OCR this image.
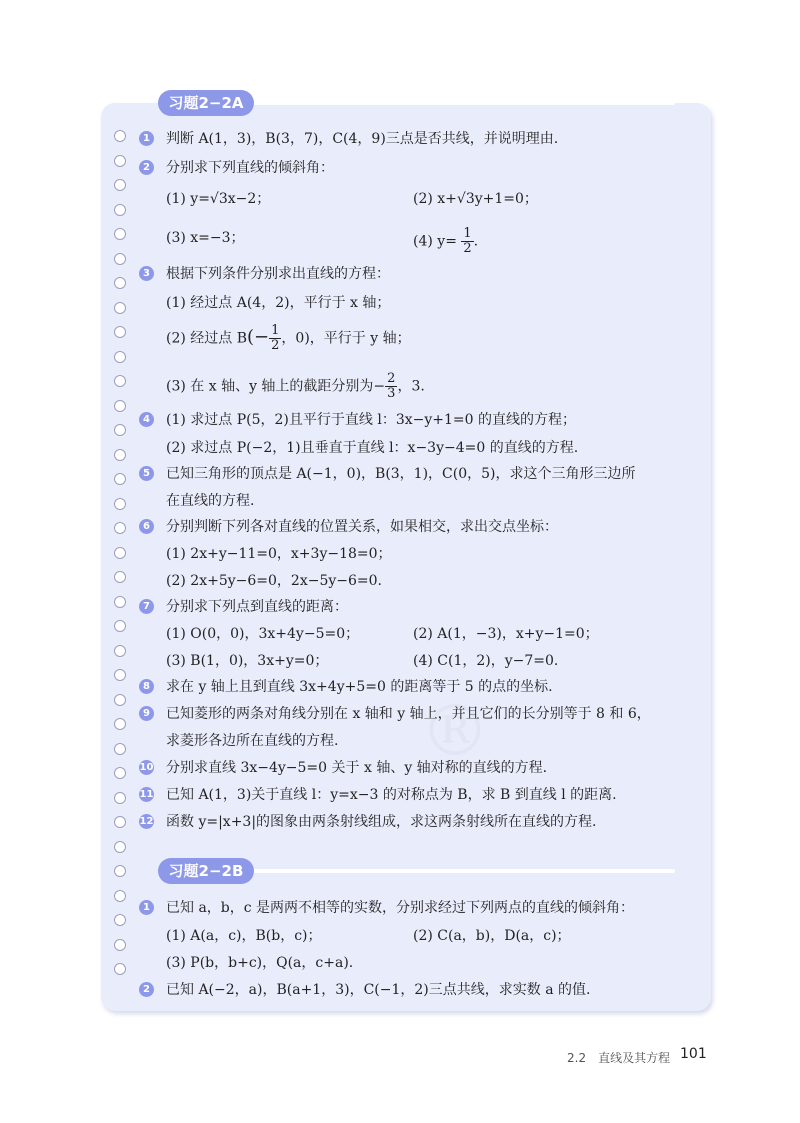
习题2−2A
1 判断 A(1，3)，B(3，7)，C(4，9)三点是否共线，并说明理由.
2 分别求下列直线的倾斜角：
(1) y=√3x−2；	(2) x+√3y+1=0；
(3) x=−3；	(4) $y= \frac{1}{2}$ .
3 根据下列条件分别求出直线的方程：
(1) 经过点 A(4，2)，平行于 x 轴；
(2) 经过点 $B(- \frac{1}{2}$ ，0)，平行于 y 轴；
(3) 在 x 轴、y 轴上的截距分别为− $\frac{2}{3}$ ，3.
4 (1) 求过点 P(5，2)且平行于直线 l：3x−y+1=0 的直线的方程；
(2) 求过点 P(−2，1)且垂直于直线 l：x−3y−4=0 的直线的方程.
5 已知三角形的顶点是 A(−1，0)，B(3，1)，C(0，5)，求这个三角形三边所
在直线的方程.
6 分别判断下列各对直线的位置关系，如果相交，求出交点坐标：
(1) 2x+y−11=0，x+3y−18=0；
(2) 2x+5y−6=0，2x−5y−6=0.
7 分别求下列点到直线的距离：
(1) O(0，0)，3x+4y−5=0；	(2) A(1，−3)，x+y−1=0；
(3) B(1，0)，3x+y=0；	(4) C(1，2)，y−7=0.
®
8 求在 y 轴上且到直线 3x+4y+5=0 的距离等于 5 的点的坐标.
9 已知菱形的两条对角线分别在 x 轴和 y 轴上，并且它们的长分别等于 8 和 6，
求菱形各边所在直线的方程.
10 分别求直线 3x−4y−5=0 关于 x 轴、y 轴对称的直线的方程.
11 已知 A(1，3)关于直线 l：y=x−3 的对称点为 B，求 B 到直线 l 的距离.
12 函数 y=|x+3|的图象由两条射线组成，求这两条射线所在直线的方程.
习题2−2B
1 已知 a，b，c 是两两不相等的实数，分别求经过下列两点的直线的倾斜角：
(1) A(a，c)，B(b，c)；	(2) C(a，b)，D(a，c)；
(3) P(b，b+c)，Q(a，c+a).
2 已知 A(−2，a)，B(a+1，3)，C(−1，2)三点共线，求实数 a 的值.
2.2　直线及其方程 101
